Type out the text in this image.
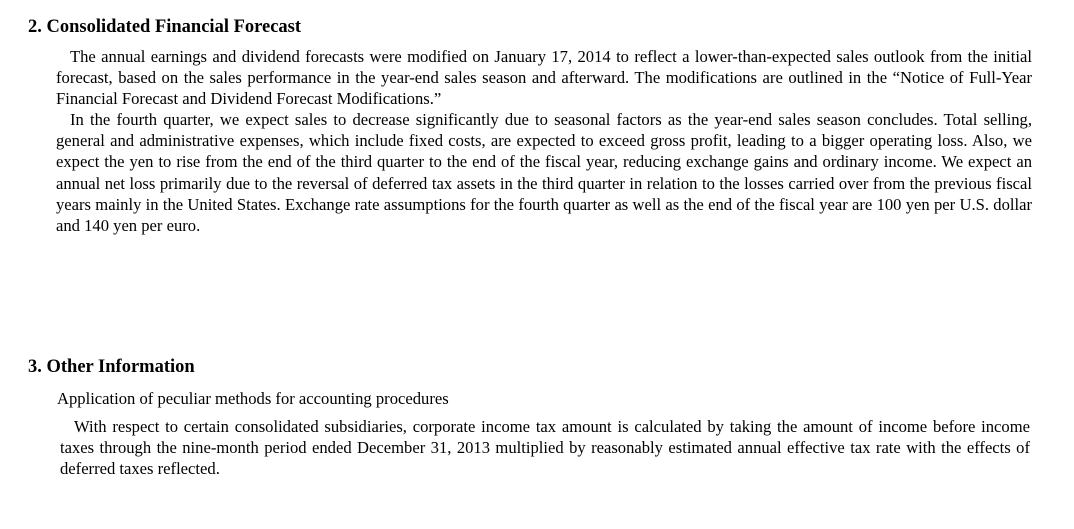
2. Consolidated Financial Forecast

The annual earnings and dividend forecasts were modified on January 17, 2014 to reflect a lower-than-expected sales outlook from the initial forecast, based on the sales performance in the year-end sales season and afterward. The modifications are outlined in the “Notice of Full-Year Financial Forecast and Dividend Forecast Modifications.”

In the fourth quarter, we expect sales to decrease significantly due to seasonal factors as the year-end sales season concludes. Total selling, general and administrative expenses, which include fixed costs, are expected to exceed gross profit, leading to a bigger operating loss. Also, we expect the yen to rise from the end of the third quarter to the end of the fiscal year, reducing exchange gains and ordinary income. We expect an annual net loss primarily due to the reversal of deferred tax assets in the third quarter in relation to the losses carried over from the previous fiscal years mainly in the United States. Exchange rate assumptions for the fourth quarter as well as the end of the fiscal year are 100 yen per U.S. dollar and 140 yen per euro.

3. Other Information
Application of peculiar methods for accounting procedures

With respect to certain consolidated subsidiaries, corporate income tax amount is calculated by taking the amount of income before income taxes through the nine-month period ended December 31, 2013 multiplied by reasonably estimated annual effective tax rate with the effects of deferred taxes reflected.
